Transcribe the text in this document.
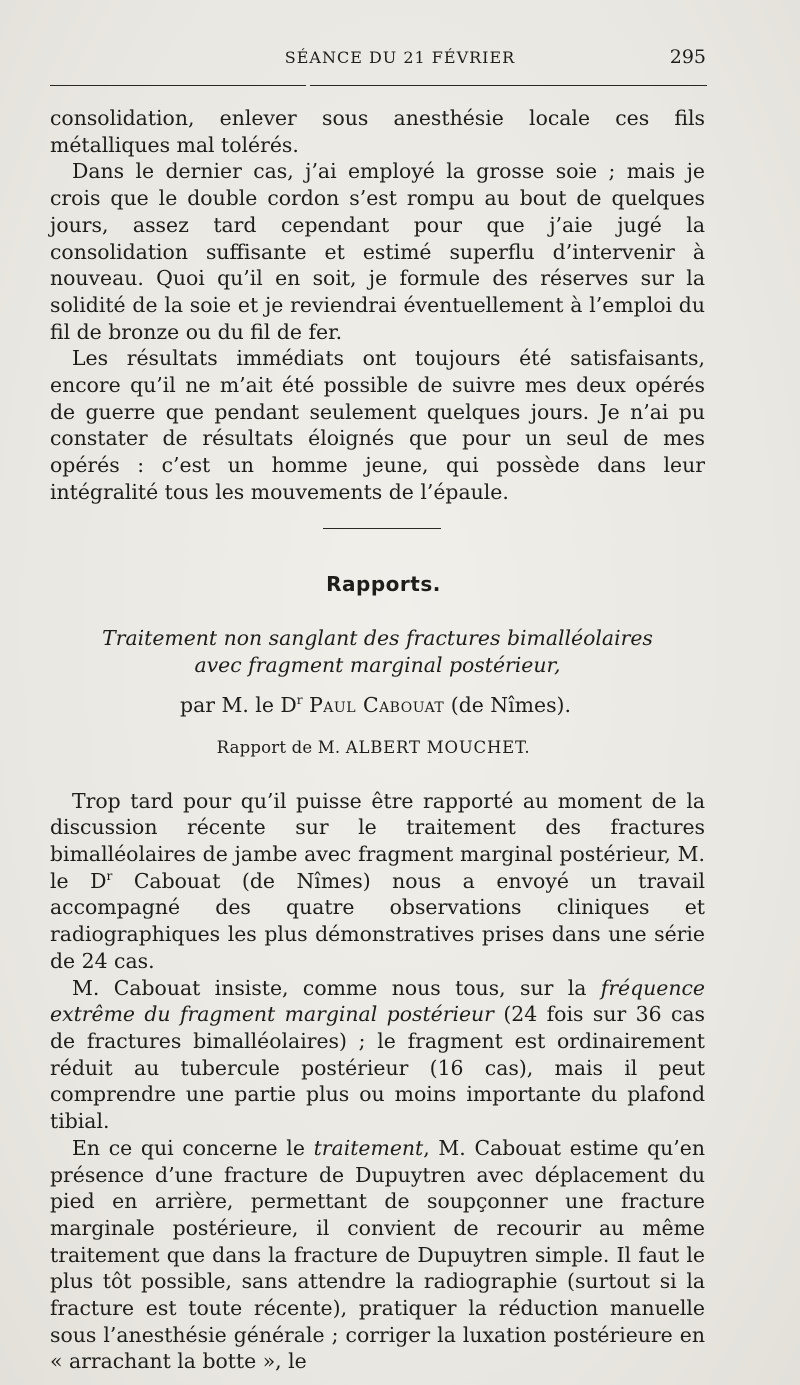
SÉANCE DU 21 FÉVRIER	295

consolidation, enlever sous anesthésie locale ces fils métalliques mal tolérés.

Dans le dernier cas, j’ai employé la grosse soie ; mais je crois que le double cordon s’est rompu au bout de quelques jours, assez tard cependant pour que j’aie jugé la consolidation suffisante et estimé superflu d’intervenir à nouveau. Quoi qu’il en soit, je formule des réserves sur la solidité de la soie et je reviendrai éventuellement à l’emploi du fil de bronze ou du fil de fer.

Les résultats immédiats ont toujours été satisfaisants, encore qu’il ne m’ait été possible de suivre mes deux opérés de guerre que pendant seulement quelques jours. Je n’ai pu constater de résultats éloignés que pour un seul de mes opérés : c’est un homme jeune, qui possède dans leur intégralité tous les mouvements de l’épaule.

Rapports.
Traitement non sanglant des fractures bimalléolaires
avec fragment marginal postérieur,
par M. le $D^r$ Paul Cabouat (de Nîmes).
Rapport de M. ALBERT MOUCHET.

Trop tard pour qu’il puisse être rapporté au moment de la discussion récente sur le traitement des fractures bimalléolaires de jambe avec fragment marginal postérieur, M. le $D^r$ Cabouat (de Nîmes) nous a envoyé un travail accompagné des quatre observations cliniques et radiographiques les plus démonstratives prises dans une série de 24 cas.

M. Cabouat insiste, comme nous tous, sur la fréquence extrême du fragment marginal postérieur (24 fois sur 36 cas de fractures bimalléolaires) ; le fragment est ordinairement réduit au tubercule postérieur (16 cas), mais il peut comprendre une partie plus ou moins importante du plafond tibial.

En ce qui concerne le traitement, M. Cabouat estime qu’en présence d’une fracture de Dupuytren avec déplacement du pied en arrière, permettant de soupçonner une fracture marginale postérieure, il convient de recourir au même traitement que dans la fracture de Dupuytren simple. Il faut le plus tôt possible, sans attendre la radiographie (surtout si la fracture est toute récente), pratiquer la réduction manuelle sous l’anesthésie générale ; corriger la luxation postérieure en « arrachant la botte », le
